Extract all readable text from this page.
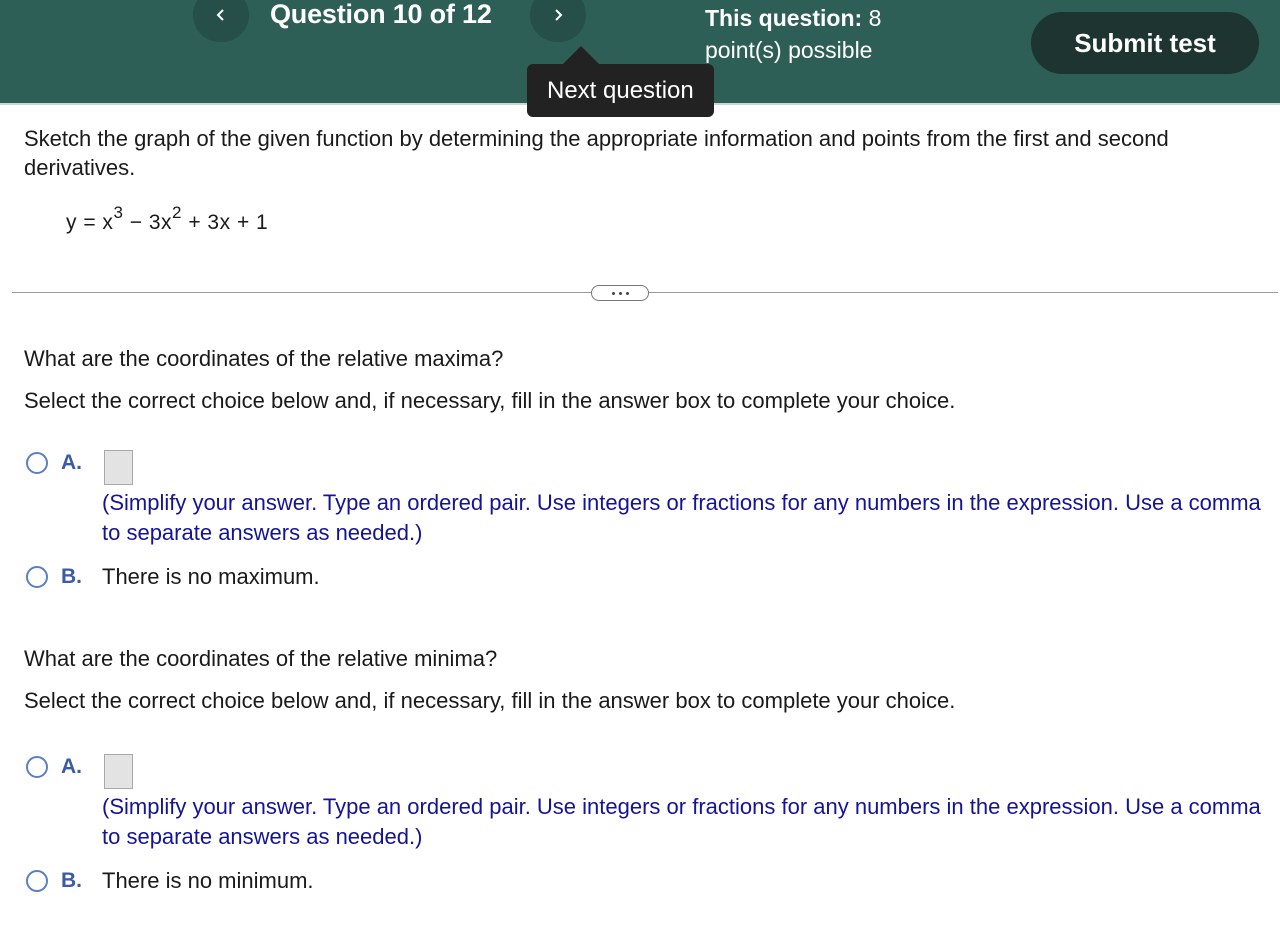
Question 10 of 12	This question: 8
point(s) possible	Submit test
Next question
Sketch the graph of the given function by determining the appropriate information and points from the first and second derivatives.
$y = x^3 - 3x^2 + 3x + 1$
What are the coordinates of the relative maxima?
Select the correct choice below and, if necessary, fill in the answer box to complete your choice.
A.
(Simplify your answer. Type an ordered pair. Use integers or fractions for any numbers in the expression. Use a comma to separate answers as needed.)
B. There is no maximum.
What are the coordinates of the relative minima?
Select the correct choice below and, if necessary, fill in the answer box to complete your choice.
A.
(Simplify your answer. Type an ordered pair. Use integers or fractions for any numbers in the expression. Use a comma to separate answers as needed.)
B. There is no minimum.
